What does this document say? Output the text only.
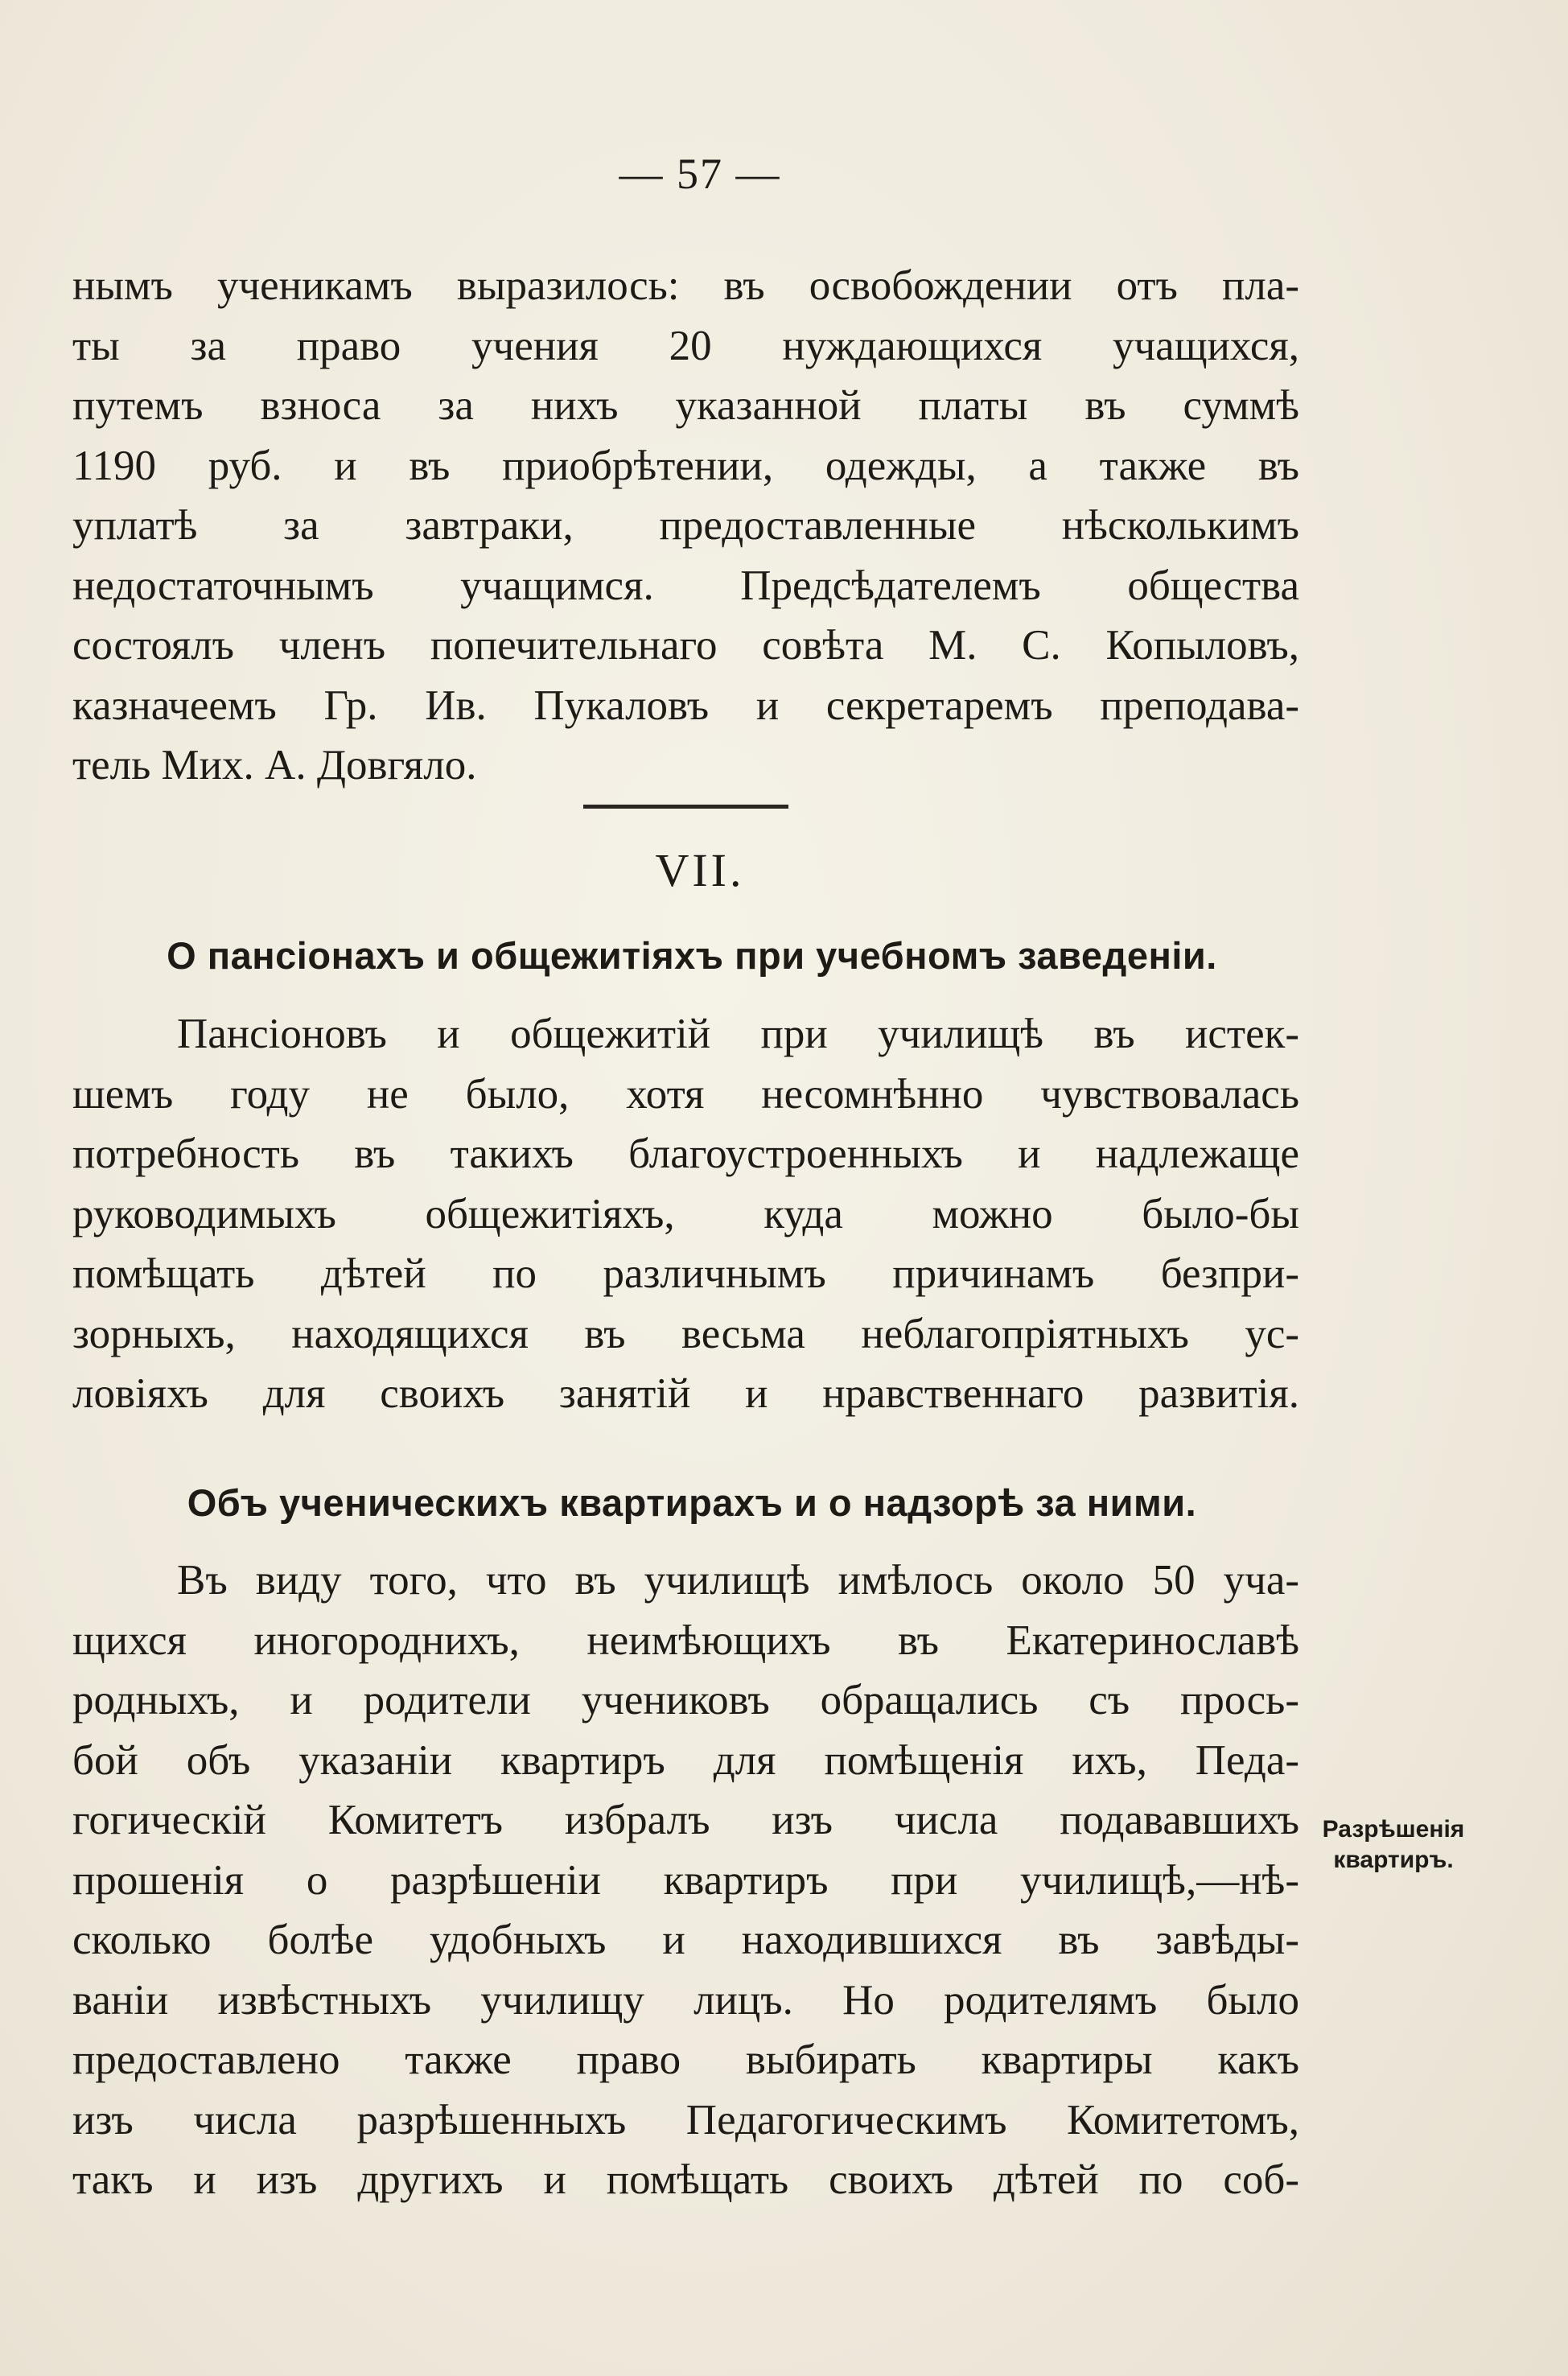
— 57 —
нымъ ученикамъ выразилось: въ освобождении отъ пла-
ты за право учения 20 нуждающихся учащихся,
путемъ взноса за нихъ указанной платы въ суммѣ
1190 руб. и въ приобрѣтении, одежды, а также въ
уплатѣ за завтраки, предоставленные нѣсколькимъ
недостаточнымъ учащимся. Предсѣдателемъ общества
состоялъ членъ попечительнаго совѣта М. С. Копыловъ,
казначеемъ Гр. Ив. Пукаловъ и секретаремъ преподава-
тель Мих. А. Довгяло.
VII.
О пансіонахъ и общежитіяхъ при учебномъ заведеніи.
Пансіоновъ и общежитій при училищѣ въ истек-
шемъ году не было, хотя несомнѣнно чувствовалась
потребность въ такихъ благоустроенныхъ и надлежаще
руководимыхъ общежитіяхъ, куда можно было-бы
помѣщать дѣтей по различнымъ причинамъ безпри-
зорныхъ, находящихся въ весьма неблагопріятныхъ ус-
ловіяхъ для своихъ занятій и нравственнаго развитія.
Объ ученическихъ квартирахъ и о надзорѣ за ними.
Въ виду того, что въ училищѣ имѣлось около 50 уча-
щихся иногороднихъ, неимѣющихъ въ Екатеринославѣ
родныхъ, и родители учениковъ обращались съ прось-
бой объ указаніи квартиръ для помѣщенія ихъ, Педа-
гогическій Комитетъ избралъ изъ числа подававшихъ
прошенія о разрѣшеніи квартиръ при училищѣ,—нѣ-
сколько болѣе удобныхъ и находившихся въ завѣды-
ваніи извѣстныхъ училищу лицъ. Но родителямъ было
предоставлено также право выбирать квартиры какъ
изъ числа разрѣшенныхъ Педагогическимъ Комитетомъ,
такъ и изъ другихъ и помѣщать своихъ дѣтей по соб-
Разрѣшенія
квартиръ.
